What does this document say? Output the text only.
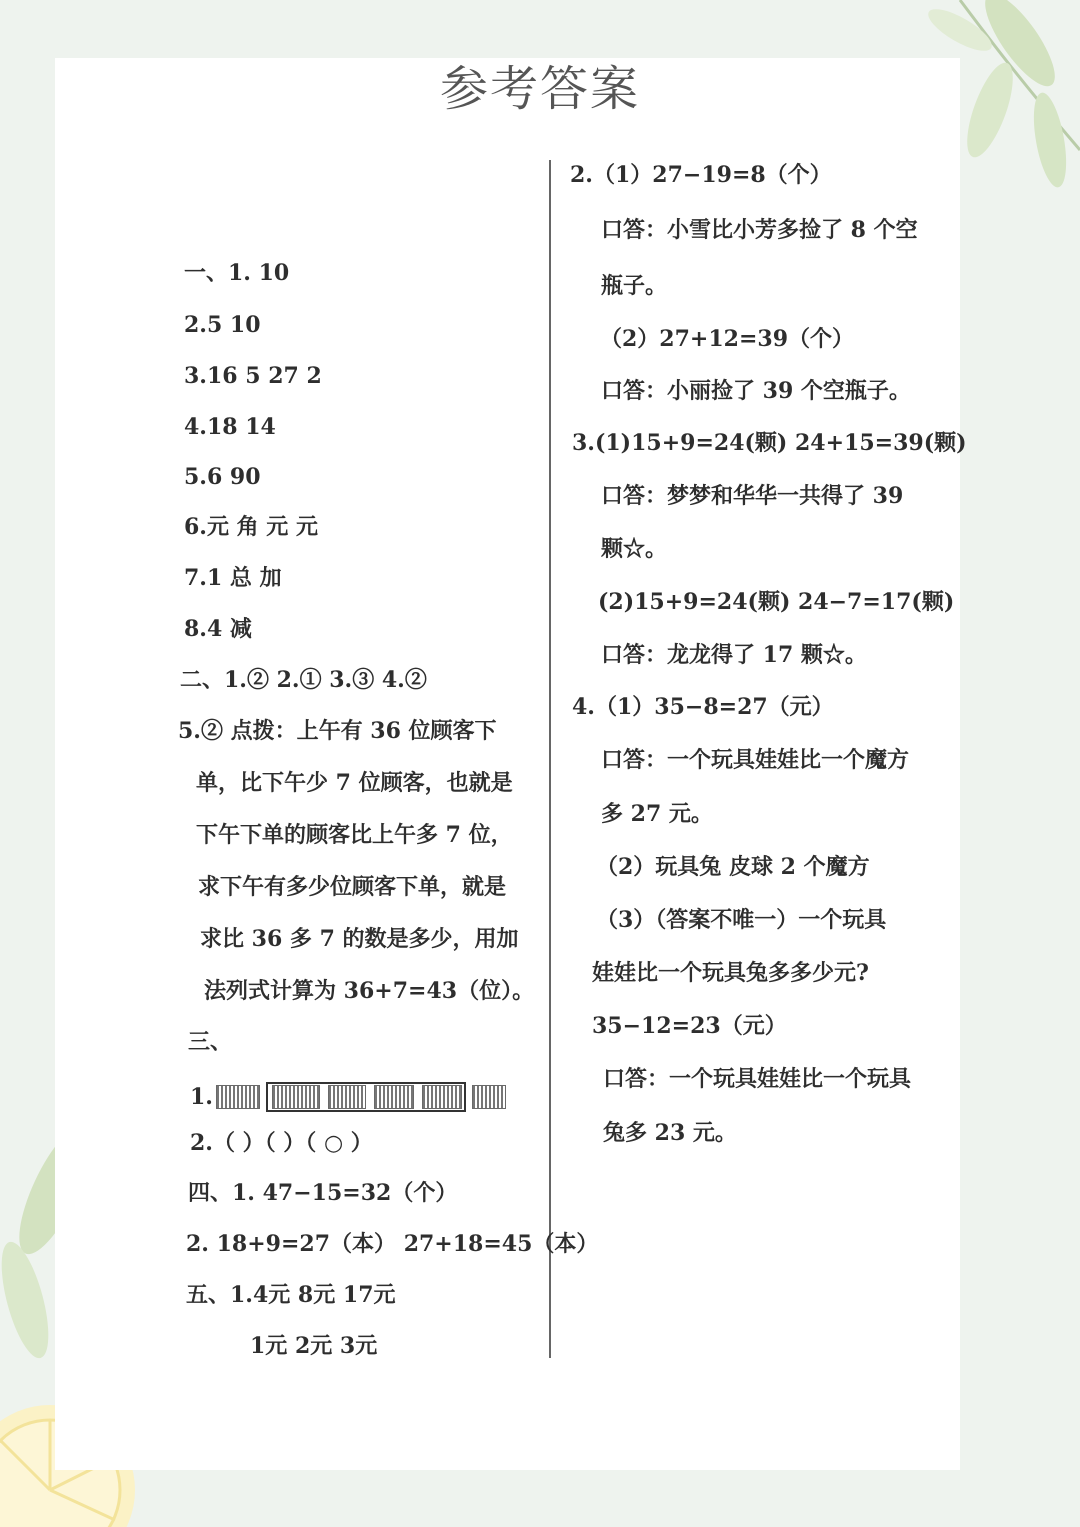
参考答案
一、1. 10
2.5 10
3.16 5 27 2
4.18 14
5.6 90
6.元 角 元 元
7.1 总 加
8.4 减
二、1.② 2.① 3.③ 4.②
5.② 点拨：上午有 36 位顾客下
单，比下午少 7 位顾客，也就是
下午下单的顾客比上午多 7 位，
求下午有多少位顾客下单，就是
求比 36 多 7 的数是多少，用加
法列式计算为 36+7=43（位）。
三、
1.
2.（ ）（ ）（ ○ ）
四、1. 47−15=32（个）
2. 18+9=27（本） 27+18=45（本）
五、1.4元 8元 17元
1元 2元 3元
2.（1）27−19=8（个）
口答：小雪比小芳多捡了 8 个空
瓶子。
（2）27+12=39（个）
口答：小丽捡了 39 个空瓶子。
3.(1)15+9=24(颗) 24+15=39(颗)
口答：梦梦和华华一共得了 39
颗☆。
(2)15+9=24(颗) 24−7=17(颗)
口答：龙龙得了 17 颗☆。
4.（1）35−8=27（元）
口答：一个玩具娃娃比一个魔方
多 27 元。
（2）玩具兔 皮球 2 个魔方
（3）（答案不唯一）一个玩具
娃娃比一个玩具兔多多少元?
35−12=23（元）
口答：一个玩具娃娃比一个玩具
兔多 23 元。
